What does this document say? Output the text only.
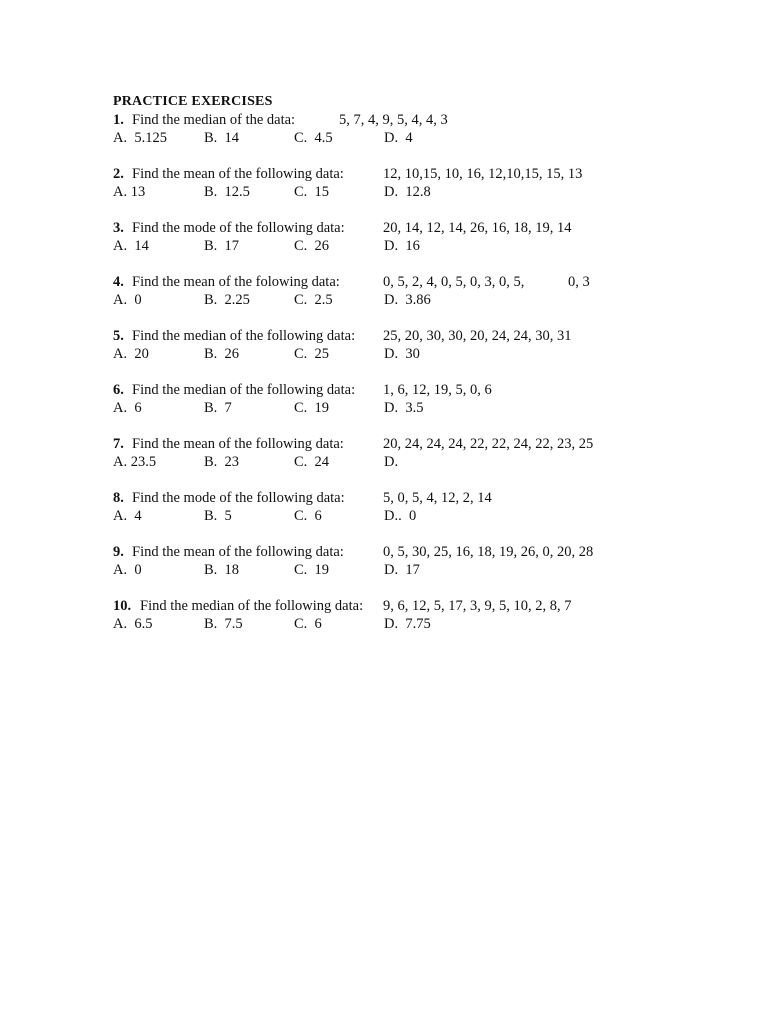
PRACTICE EXERCISES
1. Find the median of the data:	5, 7, 4, 9, 5, 4, 4, 3
A.  5.125	B.  14	C.  4.5	D.  4
2. Find the mean of the following data:	12, 10,15, 10, 16, 12,10,15, 15, 13
A. 13	B.  12.5	C.  15	D.  12.8
3. Find the mode of the following data:	20, 14, 12, 14, 26, 16, 18, 19, 14
A.  14	B.  17	C.  26	D.  16
4. Find the mean of the folowing data:	0, 5, 2, 4, 0, 5, 0, 3, 0, 5,	0, 3
A.  0	B.  2.25	C.  2.5	D.  3.86
5. Find the median of the following data: 25, 20, 30, 30, 20, 24, 24, 30, 31
A.  20	B.  26	C.  25	D.  30
6. Find the median of the following data: 1, 6, 12, 19, 5, 0, 6
A.  6	B.  7	C.  19	D.  3.5
7. Find the mean of the following data:	20, 24, 24, 24, 22, 22, 24, 22, 23, 25
A. 23.5	B.  23	C.  24	D.
8. Find the mode of the following data:	5, 0, 5, 4, 12, 2, 14
A.  4	B.  5	C.  6	D..  0
9. Find the mean of the following data:	0, 5, 30, 25, 16, 18, 19, 26, 0, 20, 28
A.  0	B.  18	C.  19	D.  17
10. Find the median of the following data: 9, 6, 12, 5, 17, 3, 9, 5, 10, 2, 8, 7
A.  6.5	B.  7.5	C.  6	D.  7.75
